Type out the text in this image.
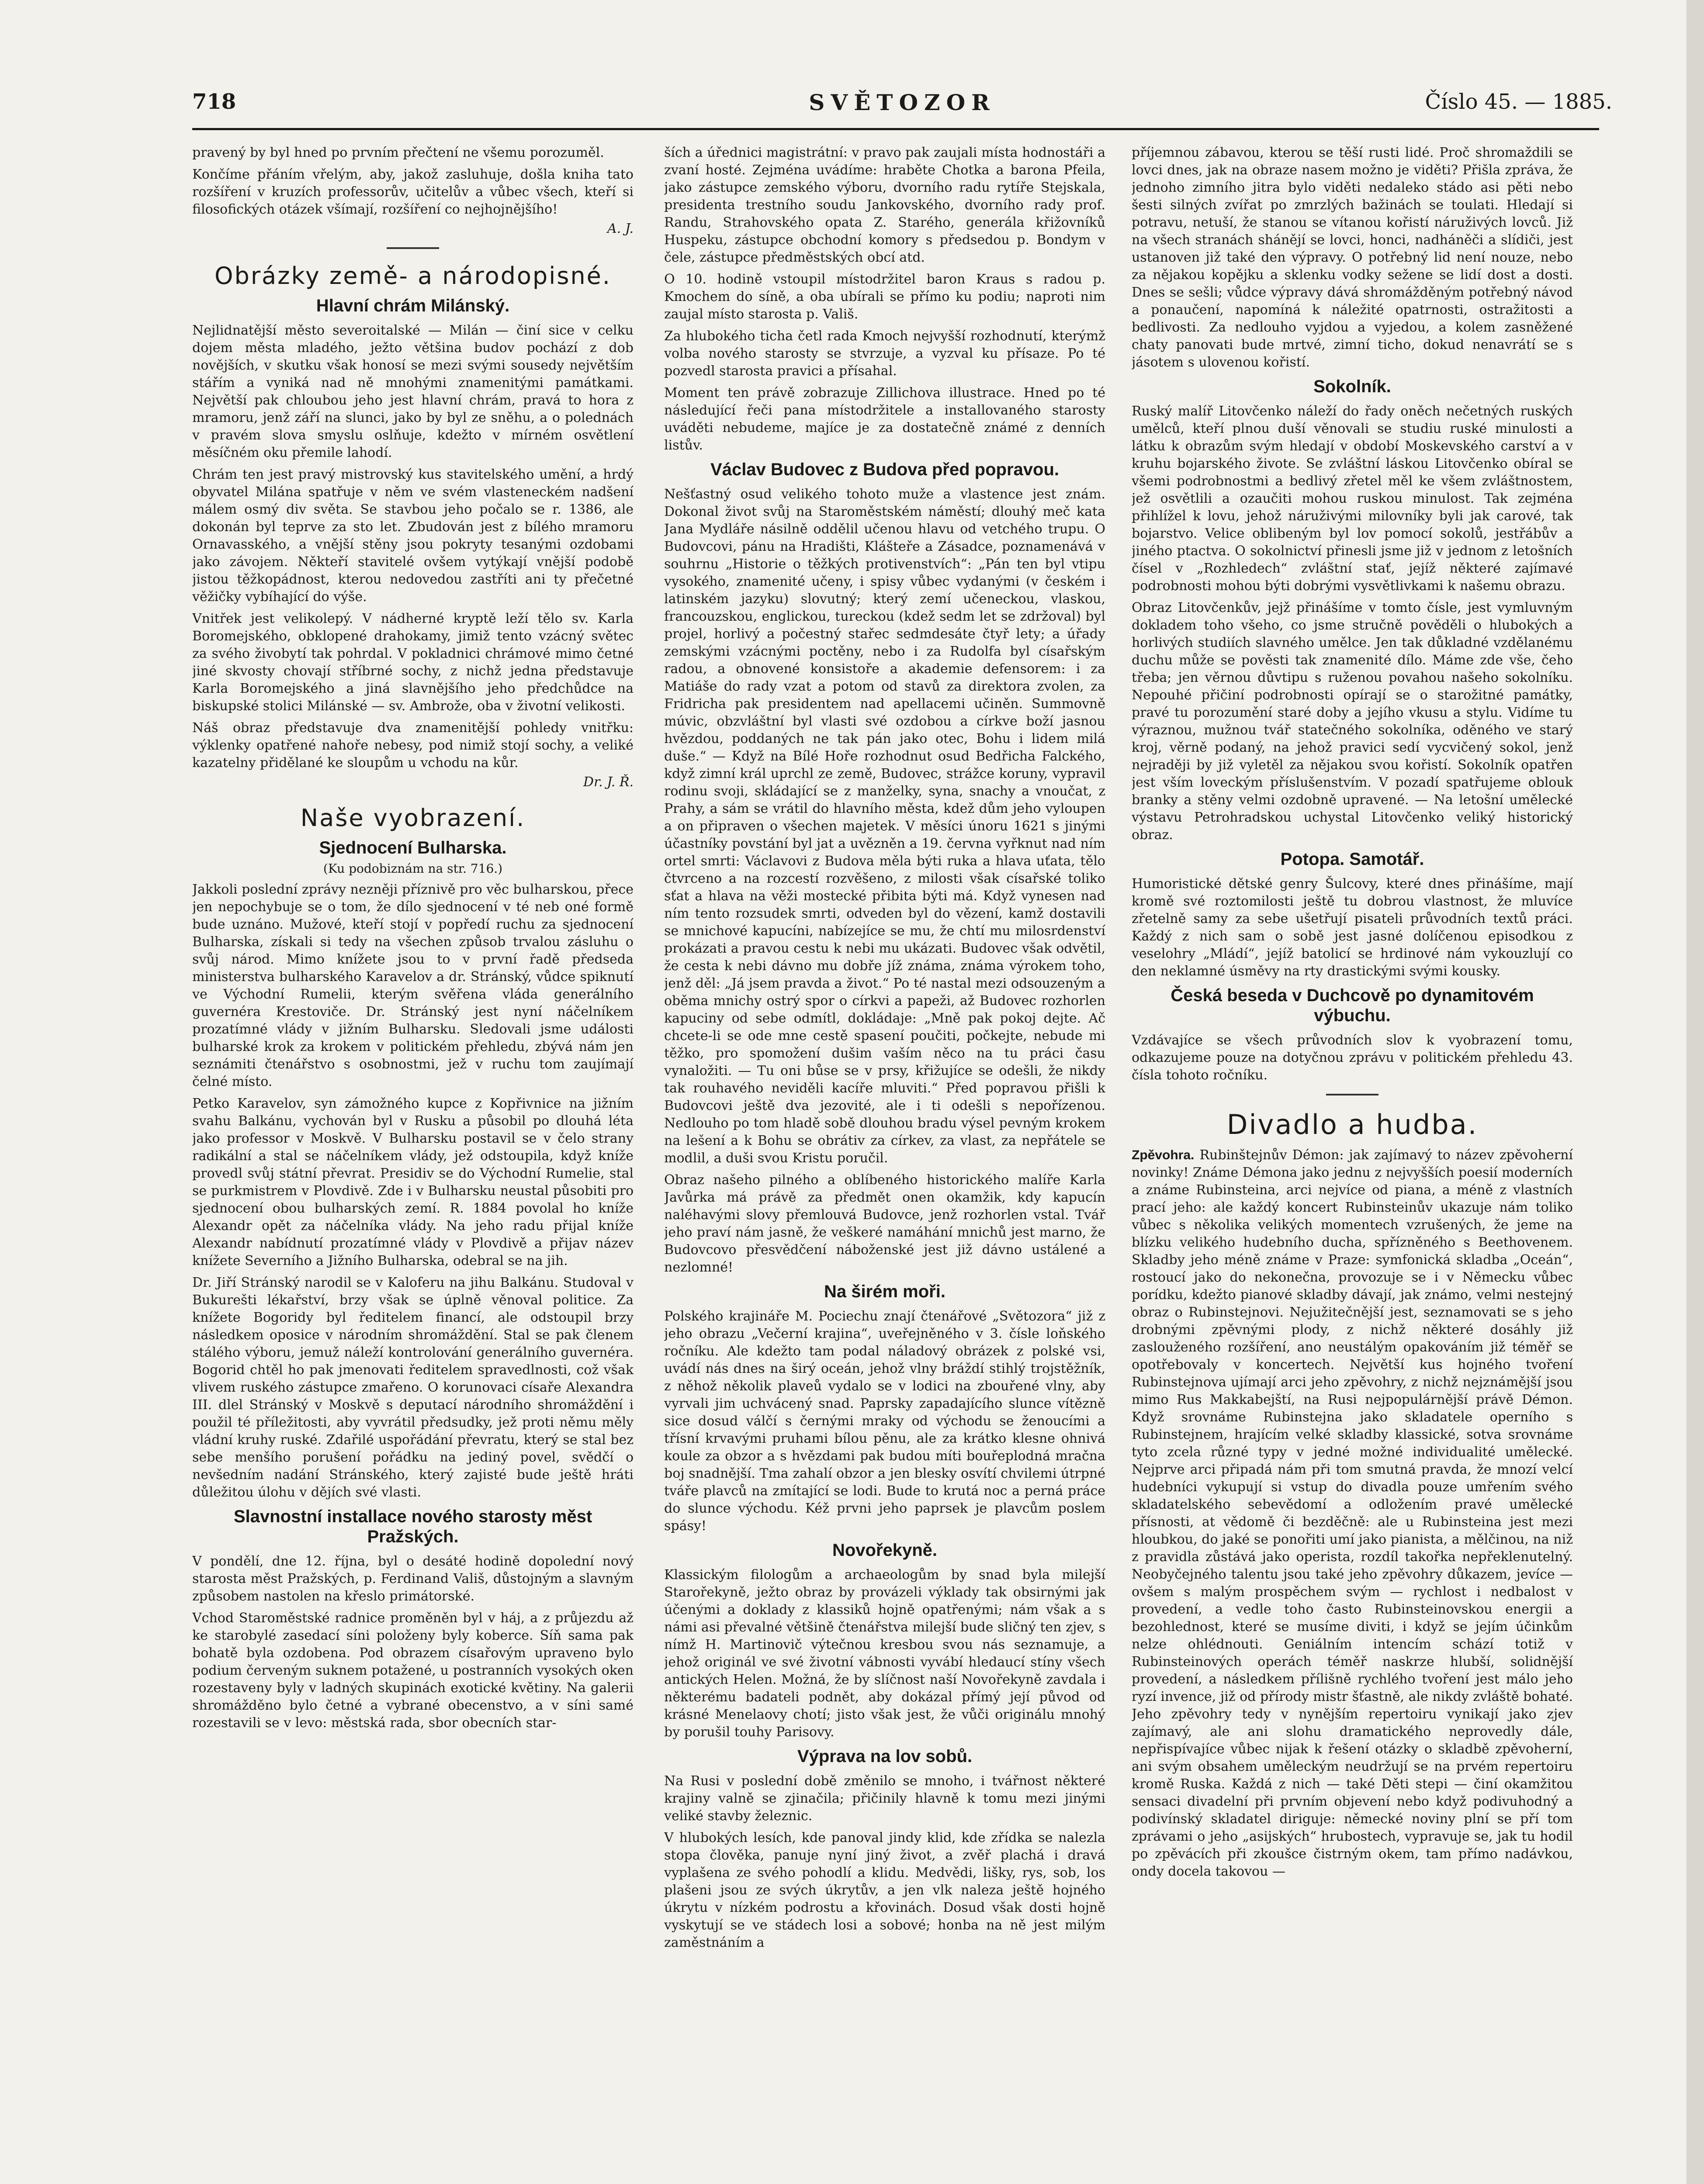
718	SVĚTOZOR	Číslo 45. — 1885.

pravený by byl hned po prvním přečtení ne všemu porozuměl.

Končíme přáním vřelým, aby, jakož zasluhuje, došla kniha tato rozšíření v kruzích professorův, učitelův a vůbec všech, kteří si filosofických otázek všímají, rozšíření co nejhojnějšího!

A. J.

Obrázky země- a národopisné.
Hlavní chrám Milánský.

Nejlidnatější město severoitalské — Milán — činí sice v celku dojem města mladého, ježto většina budov pochází z dob novějších, v skutku však honosí se mezi svými sousedy největším stářím a vyniká nad ně mnohými znamenitými památkami. Největší pak chloubou jeho jest hlavní chrám, pravá to hora z mramoru, jenž září na slunci, jako by byl ze sněhu, a o polednách v pravém slova smyslu oslňuje, kdežto v mírném osvětlení měsíčném oku přemile lahodí.

Chrám ten jest pravý mistrovský kus stavitelského umění, a hrdý obyvatel Milána spatřuje v něm ve svém vlasteneckém nadšení málem osmý div světa. Se stavbou jeho počalo se r. 1386, ale dokonán byl teprve za sto let. Zbudován jest z bílého mramoru Ornavasského, a vnější stěny jsou pokryty tesanými ozdobami jako závojem. Někteří stavitelé ovšem vytýkají vnější podobě jistou těžkopádnost, kterou nedovedou zastříti ani ty přečetné věžičky vybíhající do výše.

Vnitřek jest velikolepý. V nádherné kryptě leží tělo sv. Karla Boromejského, obklopené drahokamy, jimiž tento vzácný světec za svého živobytí tak pohrdal. V pokladnici chrámové mimo četné jiné skvosty chovají stříbrné sochy, z nichž jedna představuje Karla Boromejského a jiná slavnějšího jeho předchůdce na biskupské stolici Milánské — sv. Ambrože, oba v životní velikosti.

Náš obraz představuje dva znamenitější pohledy vnitřku: výklenky opatřené nahoře nebesy, pod nimiž stojí sochy, a veliké kazatelny přidělané ke sloupům u vchodu na kůr.

Dr. J. Ř.

Naše vyobrazení.
Sjednocení Bulharska.
(Ku podobiznám na str. 716.)

Jakkoli poslední zprávy nezněji příznivě pro věc bulharskou, přece jen nepochybuje se o tom, že dílo sjednocení v té neb oné formě bude uznáno. Mužové, kteří stojí v popředí ruchu za sjednocení Bulharska, získali si tedy na všechen způsob trvalou zásluhu o svůj národ. Mimo knížete jsou to v první řadě předseda ministerstva bulharského Karavelov a dr. Stránský, vůdce spiknutí ve Východní Rumelii, kterým svěřena vláda generálního guvernéra Krestoviče. Dr. Stránský jest nyní náčelníkem prozatímné vlády v jižním Bulharsku. Sledovali jsme události bulharské krok za krokem v politickém přehledu, zbývá nám jen seznámiti čtenářstvo s osobnostmi, jež v ruchu tom zaujímají čelné místo.

Petko Karavelov, syn zámožného kupce z Kopřivnice na jižním svahu Balkánu, vychován byl v Rusku a působil po dlouhá léta jako professor v Moskvě. V Bulharsku postavil se v čelo strany radikální a stal se náčelníkem vlády, jež odstoupila, když kníže provedl svůj státní převrat. Presidiv se do Východní Rumelie, stal se purkmistrem v Plovdivě. Zde i v Bulharsku neustal působiti pro sjednocení obou bulharských zemí. R. 1884 povolal ho kníže Alexandr opět za náčelníka vlády. Na jeho radu přijal kníže Alexandr nabídnutí prozatímné vlády v Plovdivě a přijav název knížete Severního a Jižního Bulharska, odebral se na jih.

Dr. Jiří Stránský narodil se v Kaloferu na jihu Balkánu. Studoval v Bukurešti lékařství, brzy však se úplně věnoval politice. Za knížete Bogoridy byl ředitelem financí, ale odstoupil brzy následkem oposice v národním shromáždění. Stal se pak členem stálého výboru, jemuž náleží kontrolování generálního guvernéra. Bogorid chtěl ho pak jmenovati ředitelem spravedlnosti, což však vlivem ruského zástupce zmařeno. O korunovaci císaře Alexandra III. dlel Stránský v Moskvě s deputací národního shromáždění i použil té příležitosti, aby vyvrátil předsudky, jež proti němu měly vládní kruhy ruské. Zdařilé uspořádání převratu, který se stal bez sebe menšího porušení pořádku na jediný povel, svědčí o nevšedním nadání Stránského, který zajisté bude ještě hráti důležitou úlohu v dějích své vlasti.

Slavnostní installace nového starosty měst Pražských.

V pondělí, dne 12. října, byl o desáté hodině dopolední nový starosta měst Pražských, p. Ferdinand Vališ, důstojným a slavným způsobem nastolen na křeslo primátorské.

Vchod Staroměstské radnice proměněn byl v háj, a z průjezdu až ke starobylé zasedací síni položeny byly koberce. Síň sama pak bohatě byla ozdobena. Pod obrazem císařovým upraveno bylo podium červeným suknem potažené, u postranních vysokých oken rozestaveny byly v ladných skupinách exotické květiny. Na galerii shromážděno bylo četné a vybrané obecenstvo, a v síni samé rozestavili se v levo: městská rada, sbor obecních star-

ších a úřednici magistrátní: v pravo pak zaujali místa hodnostáři a zvaní hosté. Zejména uvádíme: hraběte Chotka a barona Pfeila, jako zástupce zemského výboru, dvorního radu rytíře Stejskala, presidenta trestního soudu Jankovského, dvorního rady prof. Randu, Strahovského opata Z. Starého, generála křižovníků Huspeku, zástupce obchodní komory s předsedou p. Bondym v čele, zástupce předměstských obcí atd.

O 10. hodině vstoupil místodržitel baron Kraus s radou p. Kmochem do síně, a oba ubírali se přímo ku podiu; naproti nim zaujal místo starosta p. Vališ.

Za hlubokého ticha četl rada Kmoch nejvyšší rozhodnutí, kterýmž volba nového starosty se stvrzuje, a vyzval ku přísaze. Po té pozvedl starosta pravici a přísahal.

Moment ten právě zobrazuje Zillichova illustrace. Hned po té následující řeči pana místodržitele a installovaného starosty uváděti nebudeme, majíce je za dostatečně známé z denních listův.

Václav Budovec z Budova před popravou.

Nešťastný osud velikého tohoto muže a vlastence jest znám. Dokonal život svůj na Staroměstském náměstí; dlouhý meč kata Jana Mydláře násilně oddělil učenou hlavu od vetchého trupu. O Budovcovi, pánu na Hradišti, Klášteře a Zásadce, poznamenává v souhrnu „Historie o těžkých protivenstvích“: „Pán ten byl vtipu vysokého, znamenité učeny, i spisy vůbec vydanými (v českém i latinském jazyku) slovutný; který zemí učeneckou, vlaskou, francouzskou, englickou, tureckou (kdež sedm let se zdržoval) byl projel, horlivý a počestný stařec sedmdesáte čtyř lety; a úřady zemskými vzácnými poctěny, nebo i za Rudolfa byl císařským radou, a obnovené konsistoře a akademie defensorem: i za Matiáše do rady vzat a potom od stavů za direktora zvolen, za Fridricha pak presidentem nad apellacemi učiněn. Summovně múvic, obzvláštní byl vlasti své ozdobou a církve boží jasnou hvězdou, poddaných ne tak pán jako otec, Bohu i lidem milá duše.“ — Když na Bílé Hoře rozhodnut osud Bedřicha Falckého, když zimní král uprchl ze země, Budovec, strážce koruny, vypravil rodinu svoji, skládající se z manželky, syna, snachy a vnoučat, z Prahy, a sám se vrátil do hlavního města, kdež dům jeho vyloupen a on připraven o všechen majetek. V měsíci únoru 1621 s jinými účastníky povstání byl jat a uvězněn a 19. června vyřknut nad ním ortel smrti: Václavovi z Budova měla býti ruka a hlava uťata, tělo čtvrceno a na rozcestí rozvěšeno, z milosti však císařské toliko sťat a hlava na věži mostecké přibita býti má. Když vynesen nad ním tento rozsudek smrti, odveden byl do vězení, kamž dostavili se mnichové kapucíni, nabízejíce se mu, že chtí mu milosrdenství prokázati a pravou cestu k nebi mu ukázati. Budovec však odvětil, že cesta k nebi dávno mu dobře jíž známa, známa výrokem toho, jenž děl: „Já jsem pravda a život.“ Po té nastal mezi odsouzeným a oběma mnichy ostrý spor o církvi a papeži, až Budovec rozhorlen kapuciny od sebe odmítl, dokládaje: „Mně pak pokoj dejte. Ač chcete-li se ode mne cestě spasení poučiti, počkejte, nebude mi těžko, pro spomožení dušim vaším něco na tu práci času vynaložiti. — Tu oni bůse se v prsy, křižujíce se odešli, že nikdy tak rouhavého neviděli kacíře mluviti.“ Před popravou přišli k Budovcovi ještě dva jezovité, ale i ti odešli s nepořízenou. Nedlouho po tom hladě sobě dlouhou bradu výsel pevným krokem na lešení a k Bohu se obrátiv za církev, za vlast, za nepřátele se modlil, a duši svou Kristu poručil.

Obraz našeho pilného a oblíbeného historického malíře Karla Javůrka má právě za předmět onen okamžik, kdy kapucín naléhavými slovy přemlouvá Budovce, jenž rozhorlen vstal. Tvář jeho praví nám jasně, že veškeré namáhání mnichů jest marno, že Budovcovo přesvědčení náboženské jest již dávno ustálené a nezlomné!

Na širém moři.

Polského krajináře M. Pociechu znají čtenářové „Světozora“ již z jeho obrazu „Večerní krajina“, uveřejněného v 3. čísle loňského ročníku. Ale kdežto tam podal náladový obrázek z polské vsi, uvádí nás dnes na širý oceán, jehož vlny bráždí stihlý trojstěžník, z něhož několik plaveů vydalo se v lodici na zbouřené vlny, aby vyrvali jim uchvácený snad. Paprsky zapadajícího slunce vítězně sice dosud válčí s černými mraky od východu se ženoucími a třísní krvavými pruhami bílou pěnu, ale za krátko klesne ohnivá koule za obzor a s hvězdami pak budou míti bouřeplodná mračna boj snadnější. Tma zahalí obzor a jen blesky osvítí chvilemi útrpné tváře plavců na zmítající se lodi. Bude to krutá noc a perná práce do slunce východu. Kéž prvni jeho paprsek je plavcům poslem spásy!

Novořekyně.

Klassickým filologům a archaeologům by snad byla milejší Starořekyně, ježto obraz by provázeli výklady tak obsirnými jak účenými a doklady z klassiků hojně opatřenými; nám však a s námi asi převalné většině čtenářstva milejší bude sličný ten zjev, s nímž H. Martinovič výtečnou kresbou svou nás seznamuje, a jehož originál ve své životní vábnosti vyvábí hledaucí stíny všech antických Helen. Možná, že by slíčnost naší Novořekyně zavdala i některému badateli podnět, aby dokázal přímý její původ od krásné Menelaovy chotí; jisto však jest, že vůči originálu mnohý by porušil touhy Parisovy.

Výprava na lov sobů.

Na Rusi v poslední době změnilo se mnoho, i tvářnost některé krajiny valně se zjinačila; přičinily hlavně k tomu mezi jinými veliké stavby železnic.

V hlubokých lesích, kde panoval jindy klid, kde zřídka se nalezla stopa člověka, panuje nyní jiný život, a zvěř plachá i dravá vyplašena ze svého pohodlí a klidu. Medvědi, lišky, rys, sob, los plašeni jsou ze svých úkrytův, a jen vlk naleza ještě hojného úkrytu v nízkém podrostu a křovinách. Dosud však dosti hojně vyskytují se ve stádech losi a sobové; honba na ně jest milým zaměstnáním a

příjemnou zábavou, kterou se těší rusti lidé. Proč shromaždili se lovci dnes, jak na obraze nasem možno je viděti? Přišla zpráva, že jednoho zimního jitra bylo viděti nedaleko stádo asi pěti nebo šesti silných zvířat po zmrzlých bažinách se toulati. Hledají si potravu, netuší, že stanou se vítanou kořistí náruživých lovců. Již na všech stranách shánějí se lovci, honci, nadháněči a slídiči, jest ustanoven již také den výpravy. O potřebný lid není nouze, nebo za nějakou kopějku a sklenku vodky sežene se lidí dost a dosti. Dnes se sešli; vůdce výpravy dává shromážděným potřebný návod a ponaučení, napomíná k náležité opatrnosti, ostražitosti a bedlivosti. Za nedlouho vyjdou a vyjedou, a kolem zasněžené chaty panovati bude mrtvé, zimní ticho, dokud nenavrátí se s jásotem s ulovenou kořistí.

Sokolník.

Ruský malíř Litovčenko náleží do řady oněch nečetných ruských umělců, kteří plnou duší věnovali se studiu ruské minulosti a látku k obrazům svým hledají v období Moskevského carství a v kruhu bojarského živote. Se zvláštní láskou Litovčenko obíral se všemi podrobnostmi a bedlivý zřetel měl ke všem zvláštnostem, jež osvětlili a ozaučiti mohou ruskou minulost. Tak zejména přihlížel k lovu, jehož náruživými milovníky byli jak carové, tak bojarstvo. Velice oblibeným byl lov pomocí sokolů, jestřábův a jiného ptactva. O sokolnictví přinesli jsme již v jednom z letošních čísel v „Rozhledech“ zvláštní stať, jejíž některé zajímavé podrobnosti mohou býti dobrými vysvětlivkami k našemu obrazu.

Obraz Litovčenkův, jejž přinášíme v tomto čísle, jest vymluvným dokladem toho všeho, co jsme stručně pověděli o hlubokých a horlivých studiích slavného umělce. Jen tak důkladné vzdělanému duchu může se pověsti tak znamenité dílo. Máme zde vše, čeho třeba; jen věrnou důvtipu s ruženou povahou našeho sokolníku. Nepouhé přičiní podrobnosti opírají se o starožitné památky, pravé tu porozumění staré doby a jejího vkusu a stylu. Vidíme tu výraznou, mužnou tvář statečného sokolníka, oděného ve starý kroj, věrně podaný, na jehož pravici sedí vycvičený sokol, jenž nejraději by již vyletěl za nějakou svou kořistí. Sokolník opatřen jest vším loveckým příslušenstvím. V pozadí spatřujeme oblouk branky a stěny velmi ozdobně upravené. — Na letošní umělecké výstavu Petrohradskou uchystal Litovčenko veliký historický obraz.

Potopa. Samotář.

Humoristické dětské genry Šulcovy, které dnes přinášíme, mají kromě své roztomilosti ještě tu dobrou vlastnost, že mluvíce zřetelně samy za sebe ušetřují pisateli průvodních textů práci. Každý z nich sam o sobě jest jasné dolíčenou episodkou z veselohry „Mládí“, jejíž batolicí se hrdinové nám vykouzlují co den neklamné úsměvy na rty drastickými svými kousky.

Česká beseda v Duchcově po dynamitovém výbuchu.

Vzdávajíce se všech průvodních slov k vyobrazení tomu, odkazujeme pouze na dotyčnou zprávu v politickém přehledu 43. čísla tohoto ročníku.

Divadlo a hudba.

Zpěvohra. Rubinštejnův Démon: jak zajímavý to název zpěvoherní novinky! Známe Démona jako jednu z nejvyšších poesií moderních a známe Rubinsteina, arci nejvíce od piana, a méně z vlastních prací jeho: ale každý koncert Rubinsteinův ukazuje nám toliko vůbec s několika velikých momentech vzrušených, že jeme na blízku velikého hudebního ducha, spřízněného s Beethovenem. Skladby jeho méně známe v Praze: symfonická skladba „Oceán“, rostoucí jako do nekonečna, provozuje se i v Německu vůbec porídku, kdežto pianové skladby dávají, jak známo, velmi nestejný obraz o Rubinstejnovi. Nejužitečnější jest, seznamovati se s jeho drobnými zpěvnými plody, z nichž některé dosáhly již zaslouženého rozšíření, ano neustálým opakováním již téměř se opotřebovaly v koncertech. Největší kus hojného tvoření Rubinstejnova ujímají arci jeho zpěvohry, z nichž nejznámější jsou mimo Rus Makkabejští, na Rusi nejpopulárnější právě Démon. Když srovnáme Rubinstejna jako skladatele operního s Rubinstejnem, hrajícím velké skladby klassické, sotva srovnáme tyto zcela různé typy v jedné možné individualité umělecké. Nejprve arci připadá nám při tom smutná pravda, že mnozí velcí hudebníci vykupují si vstup do divadla pouze umřením svého skladatelského sebevědomí a odložením pravé umělecké přísnosti, at vědomě či bezděčně: ale u Rubinsteina jest mezi hloubkou, do jaké se ponořiti umí jako pianista, a mělčinou, na niž z pravidla zůstává jako operista, rozdíl takořka nepřeklenutelný. Neobyčejného talentu jsou také jeho zpěvohry důkazem, jevíce — ovšem s malým prospěchem svým — rychlost i nedbalost v provedení, a vedle toho často Rubinsteinovskou energii a bezohlednost, které se musíme diviti, i když se jejím účinkům nelze ohlédnouti. Geniálním intencím schází totiž v Rubinsteinových operách téměř naskrze hlubší, solidnější provedení, a následkem přílišně rychlého tvoření jest málo jeho ryzí invence, již od přírody mistr šťastně, ale nikdy zvláště bohaté. Jeho zpěvohry tedy v nynějším repertoiru vynikají jako zjev zajímavý, ale ani slohu dramatického neprovedly dále, nepřispívajíce vůbec nijak k řešení otázky o skladbě zpěvoherní, ani svým obsahem uměleckým neudržují se na prvém repertoiru kromě Ruska. Každá z nich — také Děti stepi — činí okamžitou sensaci divadelní při prvním objevení nebo když podivuhodný a podivínský skladatel diriguje: německé noviny plní se pří tom zprávami o jeho „asijských“ hrubostech, vypravuje se, jak tu hodil po zpěvácích při zkoušce čistrným okem, tam přímo nadávkou, ondy docela takovou —
